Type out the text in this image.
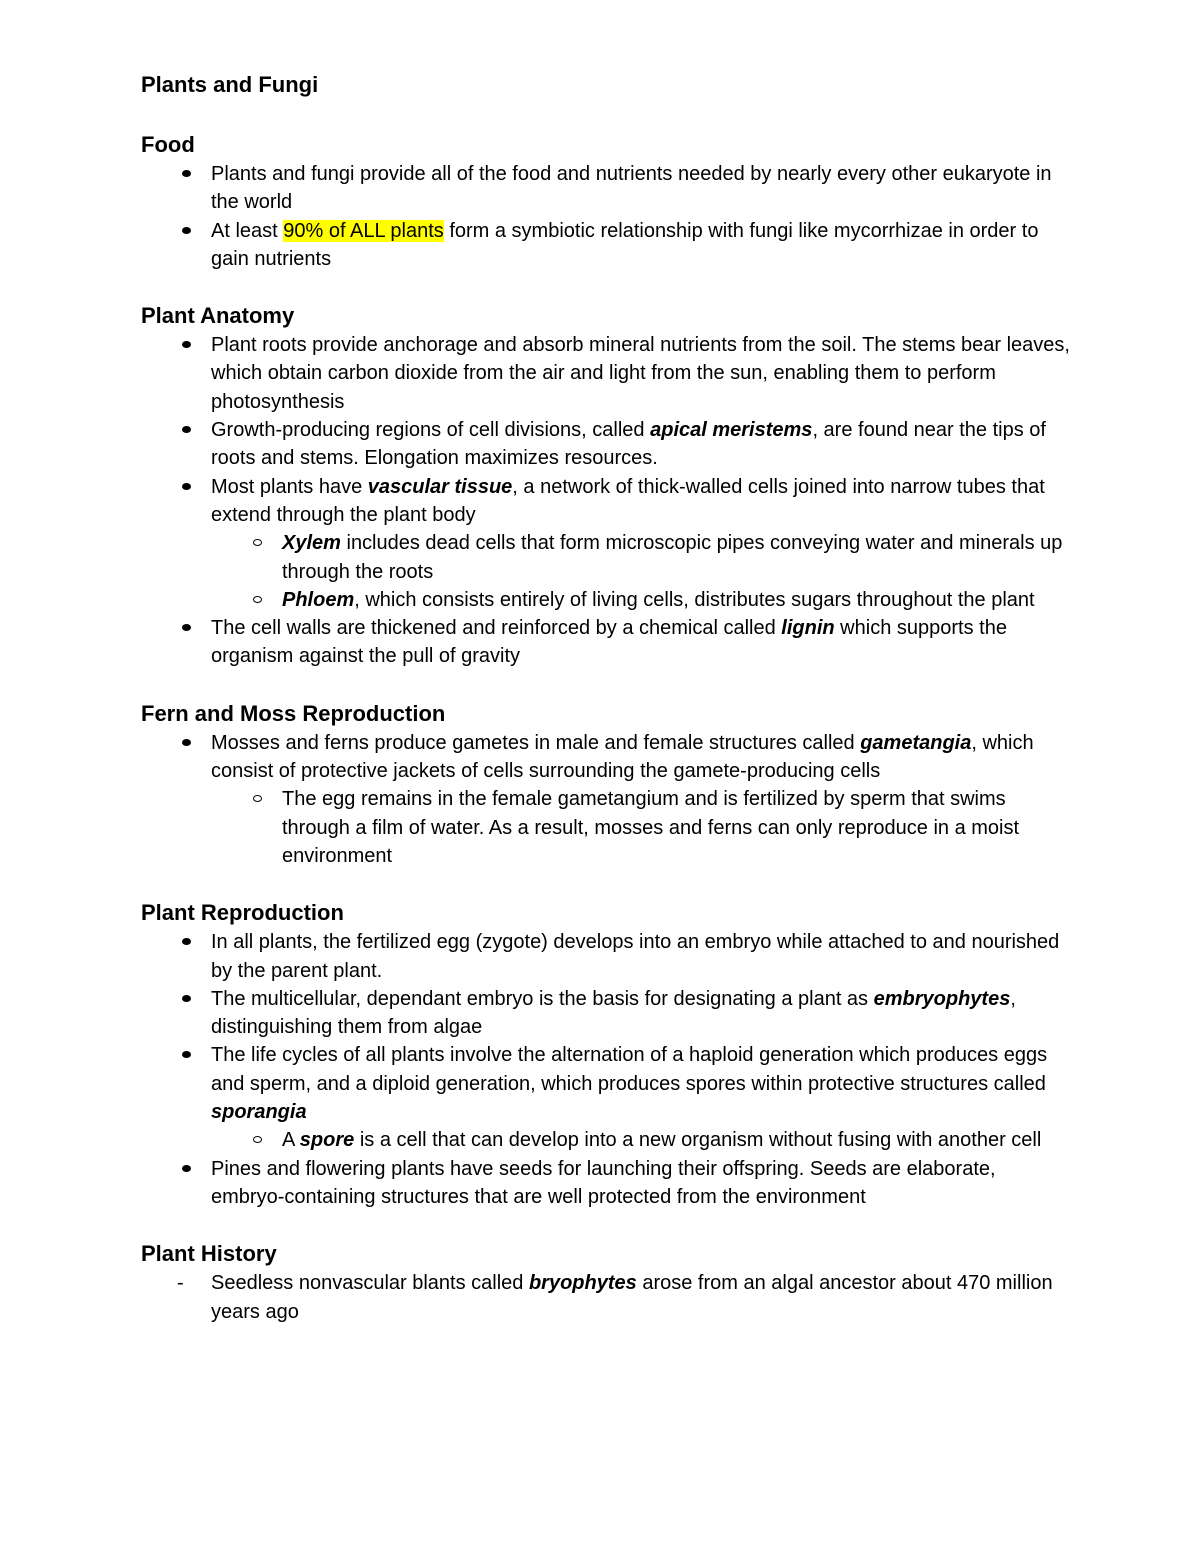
Plants and Fungi
Food
Plants and fungi provide all of the food and nutrients needed by nearly every other eukaryote in the world
At least 90% of ALL plants form a symbiotic relationship with fungi like mycorrhizae in order to gain nutrients
Plant Anatomy
Plant roots provide anchorage and absorb mineral nutrients from the soil. The stems bear leaves, which obtain carbon dioxide from the air and light from the sun, enabling them to perform photosynthesis
Growth-producing regions of cell divisions, called apical meristems, are found near the tips of roots and stems. Elongation maximizes resources.
Most plants have vascular tissue, a network of thick-walled cells joined into narrow tubes that extend through the plant body
Xylem includes dead cells that form microscopic pipes conveying water and minerals up through the roots
Phloem, which consists entirely of living cells, distributes sugars throughout the plant
The cell walls are thickened and reinforced by a chemical called lignin which supports the organism against the pull of gravity
Fern and Moss Reproduction
Mosses and ferns produce gametes in male and female structures called gametangia, which consist of protective jackets of cells surrounding the gamete-producing cells
The egg remains in the female gametangium and is fertilized by sperm that swims through a film of water. As a result, mosses and ferns can only reproduce in a moist environment
Plant Reproduction
In all plants, the fertilized egg (zygote) develops into an embryo while attached to and nourished by the parent plant.
The multicellular, dependant embryo is the basis for designating a plant as embryophytes, distinguishing them from algae
The life cycles of all plants involve the alternation of a haploid generation which produces eggs and sperm, and a diploid generation, which produces spores within protective structures called sporangia
A spore is a cell that can develop into a new organism without fusing with another cell
Pines and flowering plants have seeds for launching their offspring. Seeds are elaborate, embryo-containing structures that are well protected from the environment
Plant History
-
Seedless nonvascular blants called bryophytes arose from an algal ancestor about 470 million years ago
